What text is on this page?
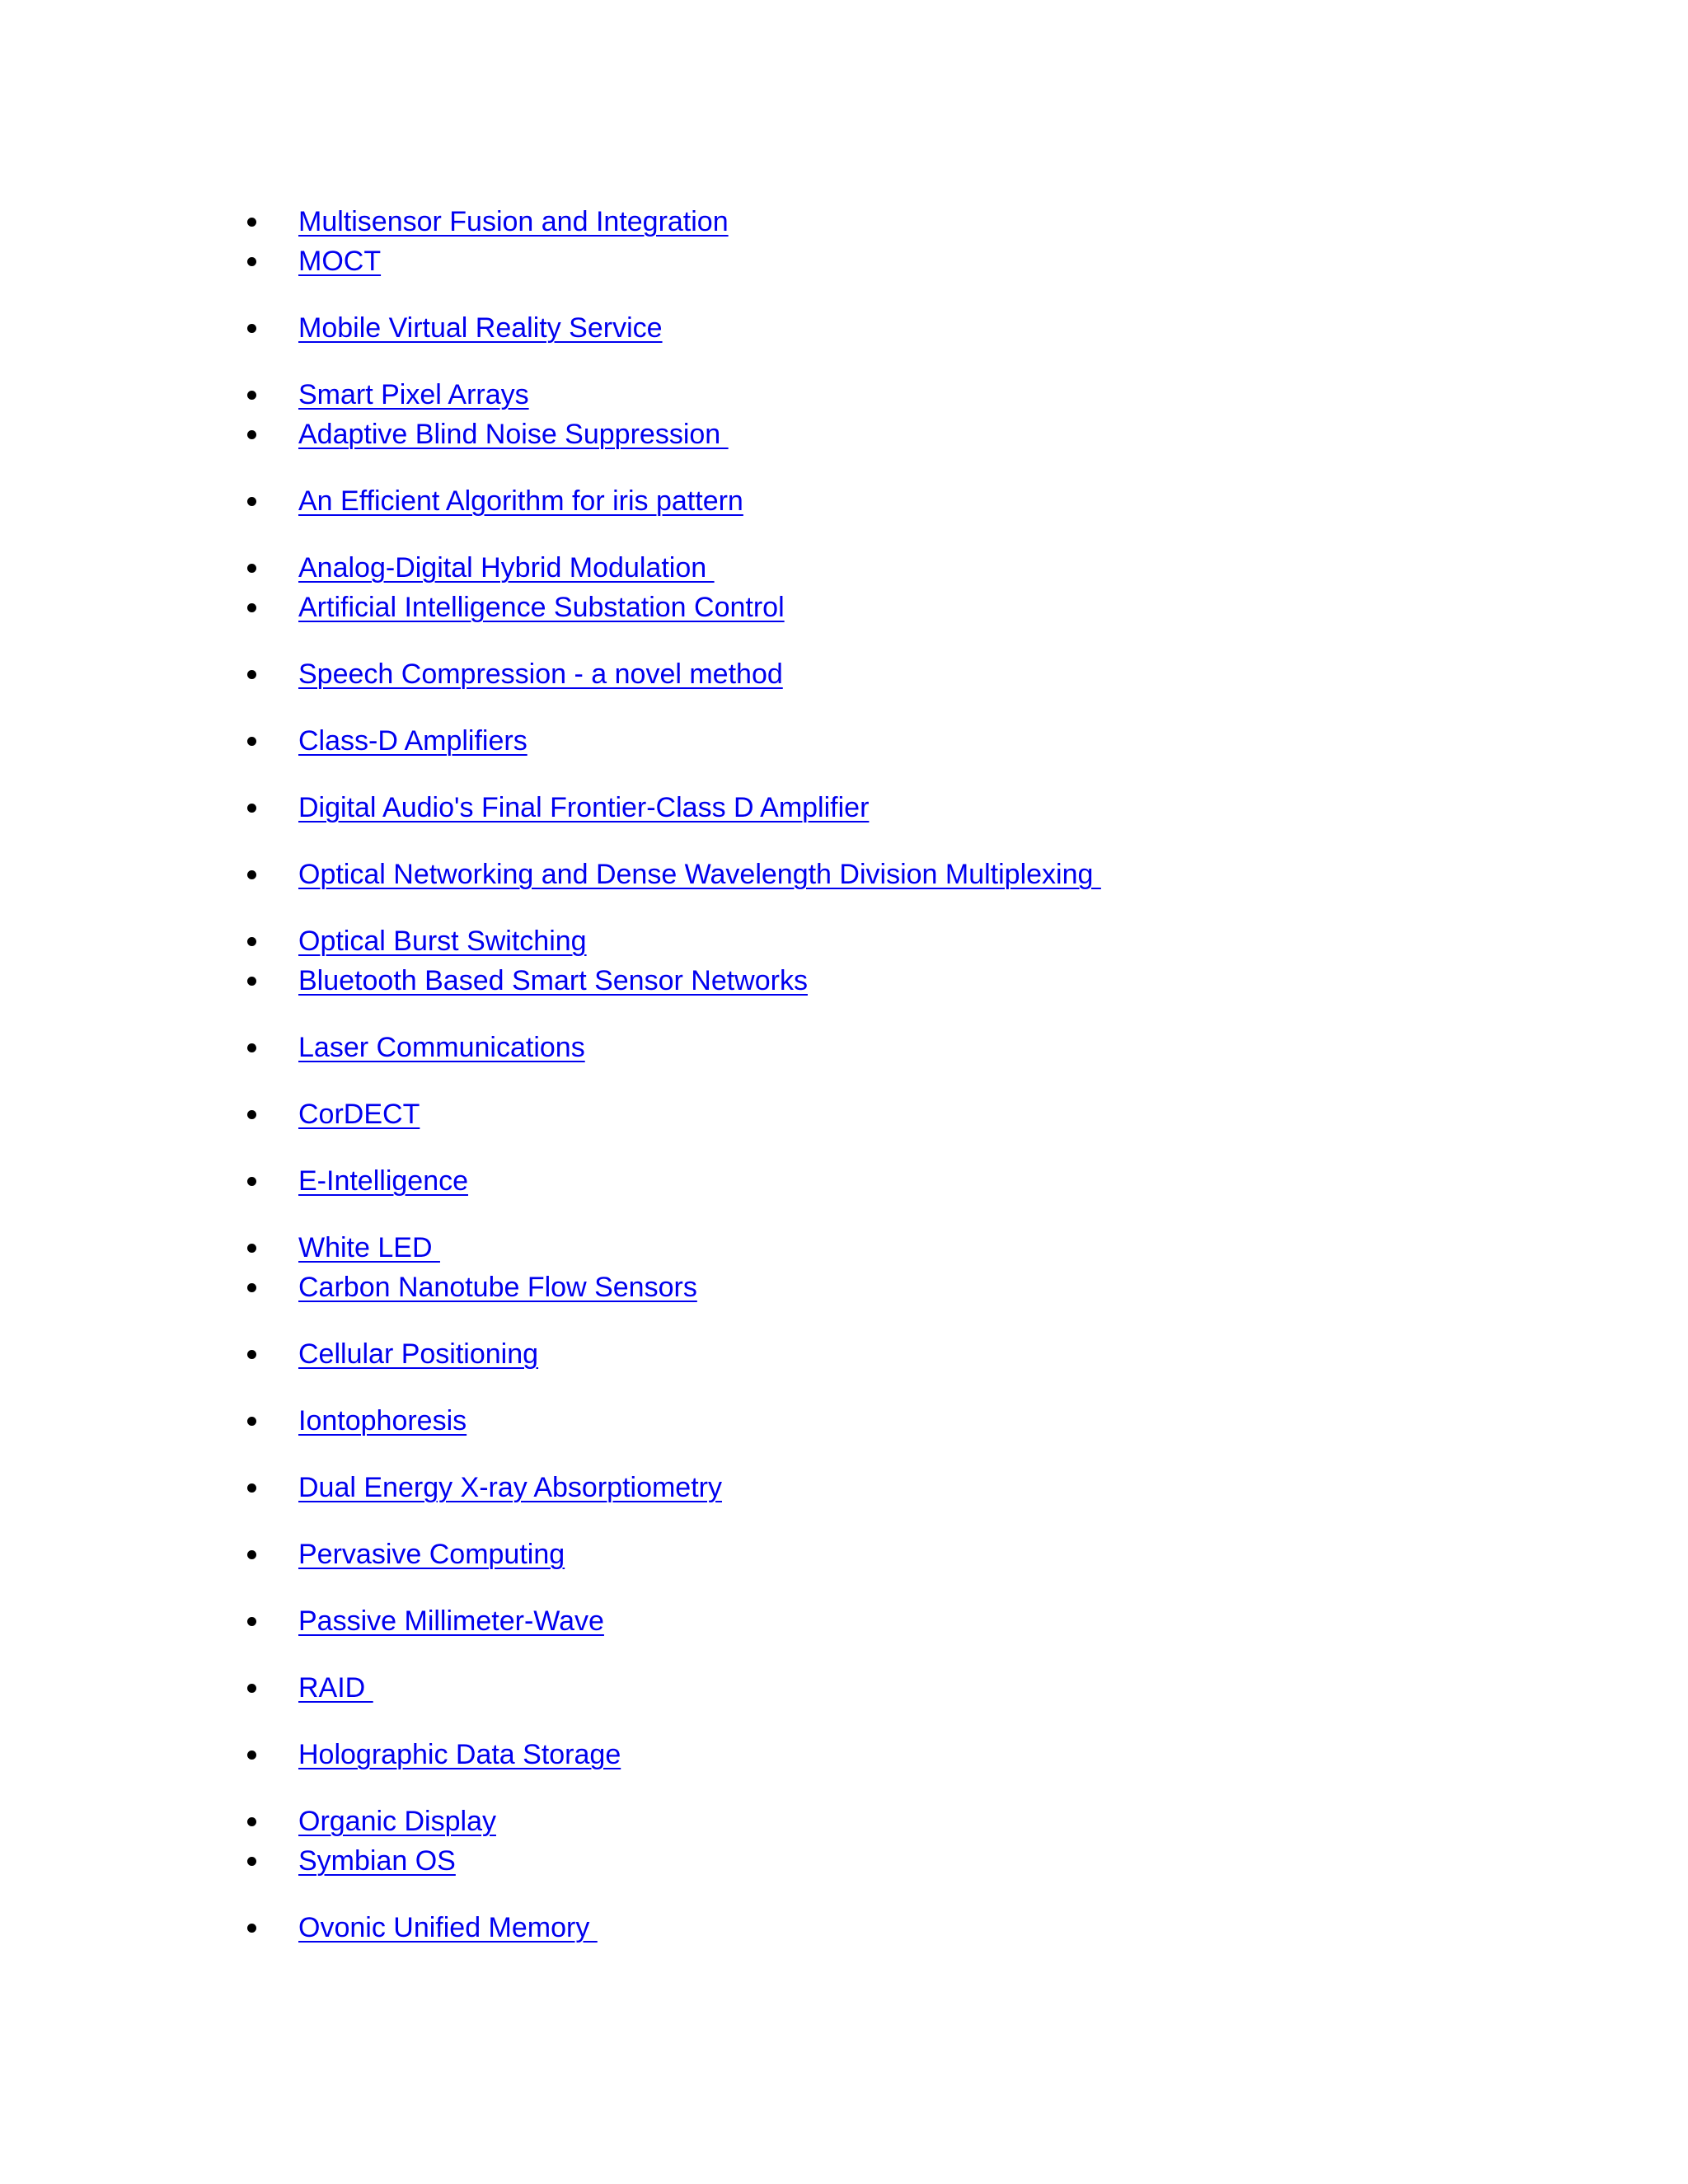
Multisensor Fusion and Integration
MOCT
Mobile Virtual Reality Service
Smart Pixel Arrays
Adaptive Blind Noise Suppression
An Efficient Algorithm for iris pattern
Analog-Digital Hybrid Modulation
Artificial Intelligence Substation Control
Speech Compression - a novel method
Class-D Amplifiers
Digital Audio's Final Frontier-Class D Amplifier
Optical Networking and Dense Wavelength Division Multiplexing
Optical Burst Switching
Bluetooth Based Smart Sensor Networks
Laser Communications
CorDECT
E-Intelligence
White LED
Carbon Nanotube Flow Sensors
Cellular Positioning
Iontophoresis
Dual Energy X-ray Absorptiometry
Pervasive Computing
Passive Millimeter-Wave
RAID
Holographic Data Storage
Organic Display
Symbian OS
Ovonic Unified Memory
